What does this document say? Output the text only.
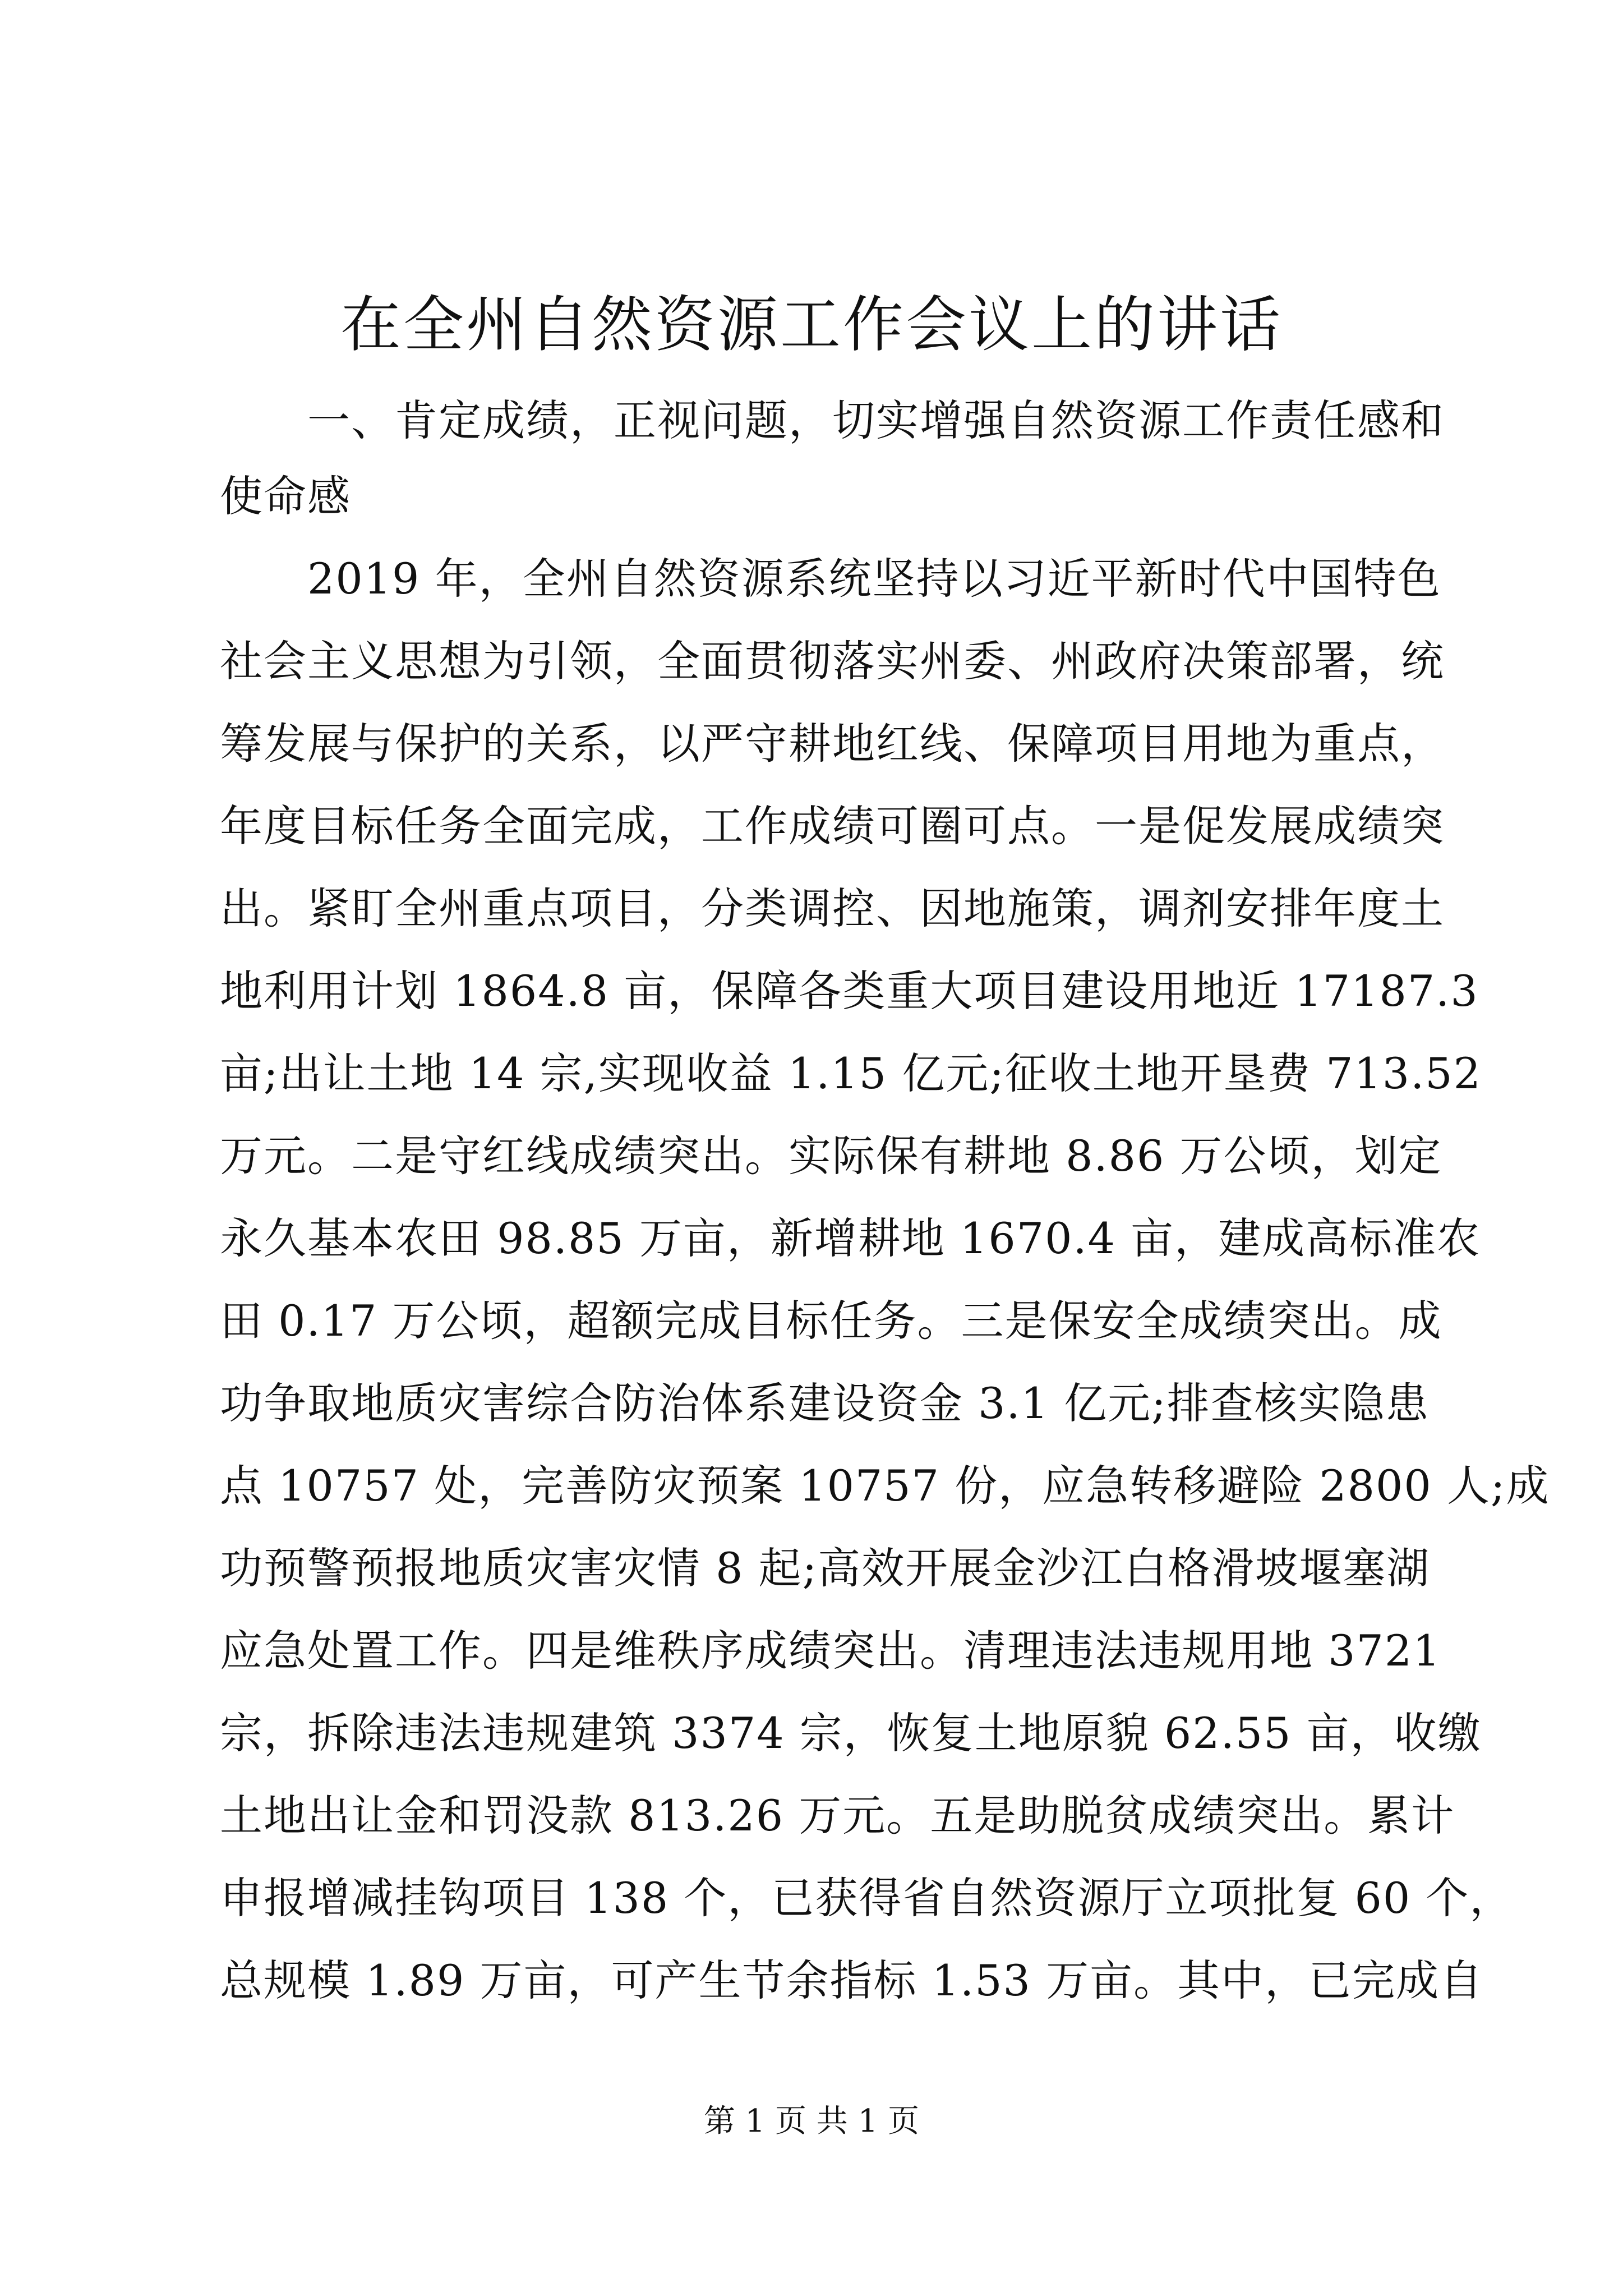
在全州自然资源工作会议上的讲话
　　一、肯定成绩，正视问题，切实增强自然资源工作责任感和
使命感
　　2019 年，全州自然资源系统坚持以习近平新时代中国特色
社会主义思想为引领，全面贯彻落实州委、州政府决策部署，统
筹发展与保护的关系，以严守耕地红线、保障项目用地为重点，
年度目标任务全面完成，工作成绩可圈可点。一是促发展成绩突
出。紧盯全州重点项目，分类调控、因地施策，调剂安排年度土
地利用计划 1864.8 亩，保障各类重大项目建设用地近 17187.3
亩;出让土地 14 宗,实现收益 1.15 亿元;征收土地开垦费 713.52
万元。二是守红线成绩突出。实际保有耕地 8.86 万公顷，划定
永久基本农田 98.85 万亩，新增耕地 1670.4 亩，建成高标准农
田 0.17 万公顷，超额完成目标任务。三是保安全成绩突出。成
功争取地质灾害综合防治体系建设资金 3.1 亿元;排查核实隐患
点 10757 处，完善防灾预案 10757 份，应急转移避险 2800 人;成
功预警预报地质灾害灾情 8 起;高效开展金沙江白格滑坡堰塞湖
应急处置工作。四是维秩序成绩突出。清理违法违规用地 3721
宗，拆除违法违规建筑 3374 宗，恢复土地原貌 62.55 亩，收缴
土地出让金和罚没款 813.26 万元。五是助脱贫成绩突出。累计
申报增减挂钩项目 138 个，已获得省自然资源厅立项批复 60 个，
总规模 1.89 万亩，可产生节余指标 1.53 万亩。其中，已完成自
第 1 页 共 1 页
